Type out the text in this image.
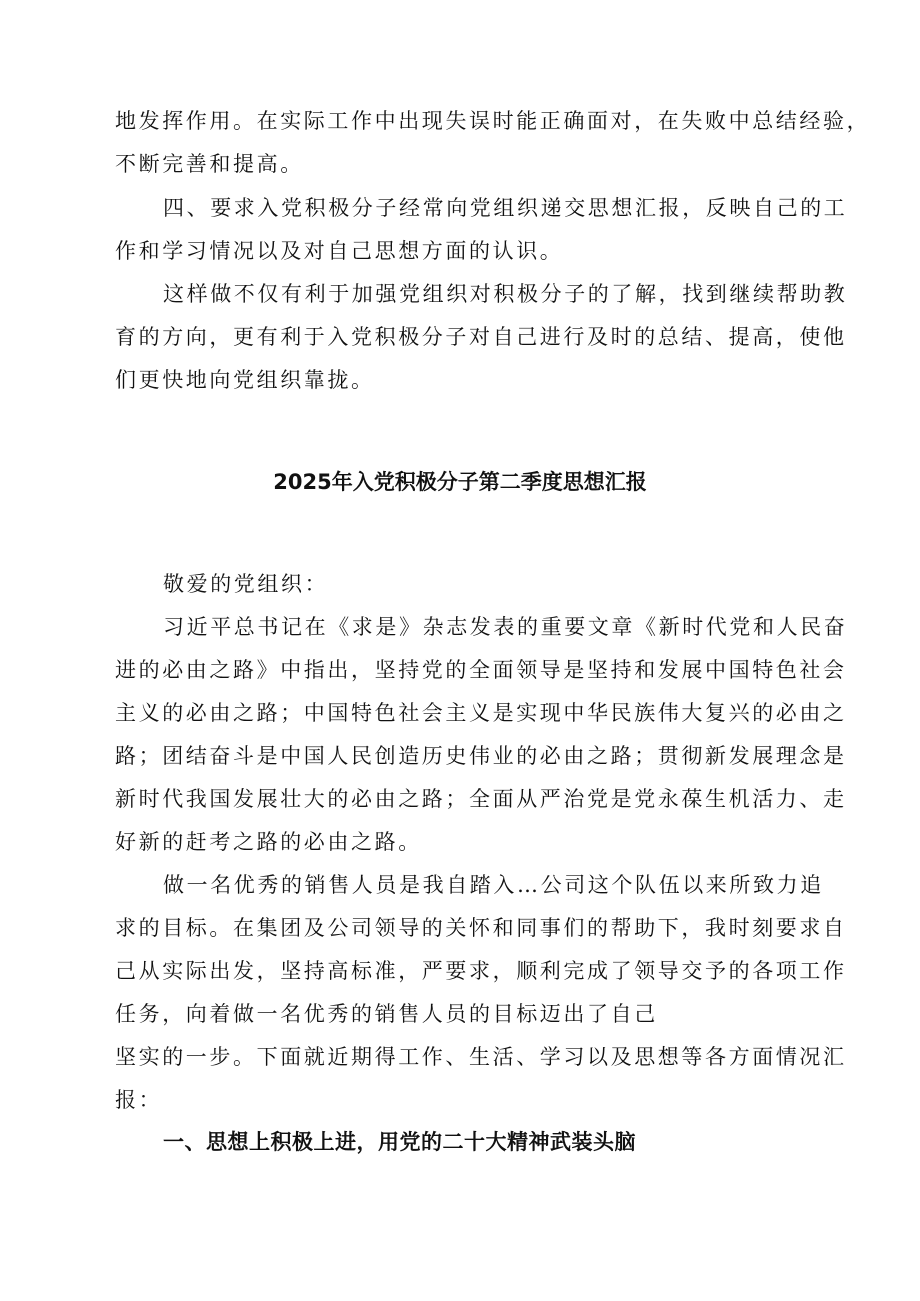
地发挥作用。在实际工作中出现失误时能正确面对，在失败中总结经验，
不断完善和提高。
四、要求入党积极分子经常向党组织递交思想汇报，反映自己的工
作和学习情况以及对自己思想方面的认识。
这样做不仅有利于加强党组织对积极分子的了解，找到继续帮助教
育的方向，更有利于入党积极分子对自己进行及时的总结、提高，使他
们更快地向党组织靠拢。
2025年入党积极分子第二季度思想汇报
敬爱的党组织：
习近平总书记在《求是》杂志发表的重要文章《新时代党和人民奋
进的必由之路》中指出，坚持党的全面领导是坚持和发展中国特色社会
主义的必由之路；中国特色社会主义是实现中华民族伟大复兴的必由之
路；团结奋斗是中国人民创造历史伟业的必由之路；贯彻新发展理念是
新时代我国发展壮大的必由之路；全面从严治党是党永葆生机活力、走
好新的赶考之路的必由之路。
做一名优秀的销售人员是我自踏入…公司这个队伍以来所致力追
求的目标。在集团及公司领导的关怀和同事们的帮助下，我时刻要求自
己从实际出发，坚持高标准，严要求，顺利完成了领导交予的各项工作
任务，向着做一名优秀的销售人员的目标迈出了自己
坚实的一步。下面就近期得工作、生活、学习以及思想等各方面情况汇
报：
一、思想上积极上进，用党的二十大精神武装头脑
